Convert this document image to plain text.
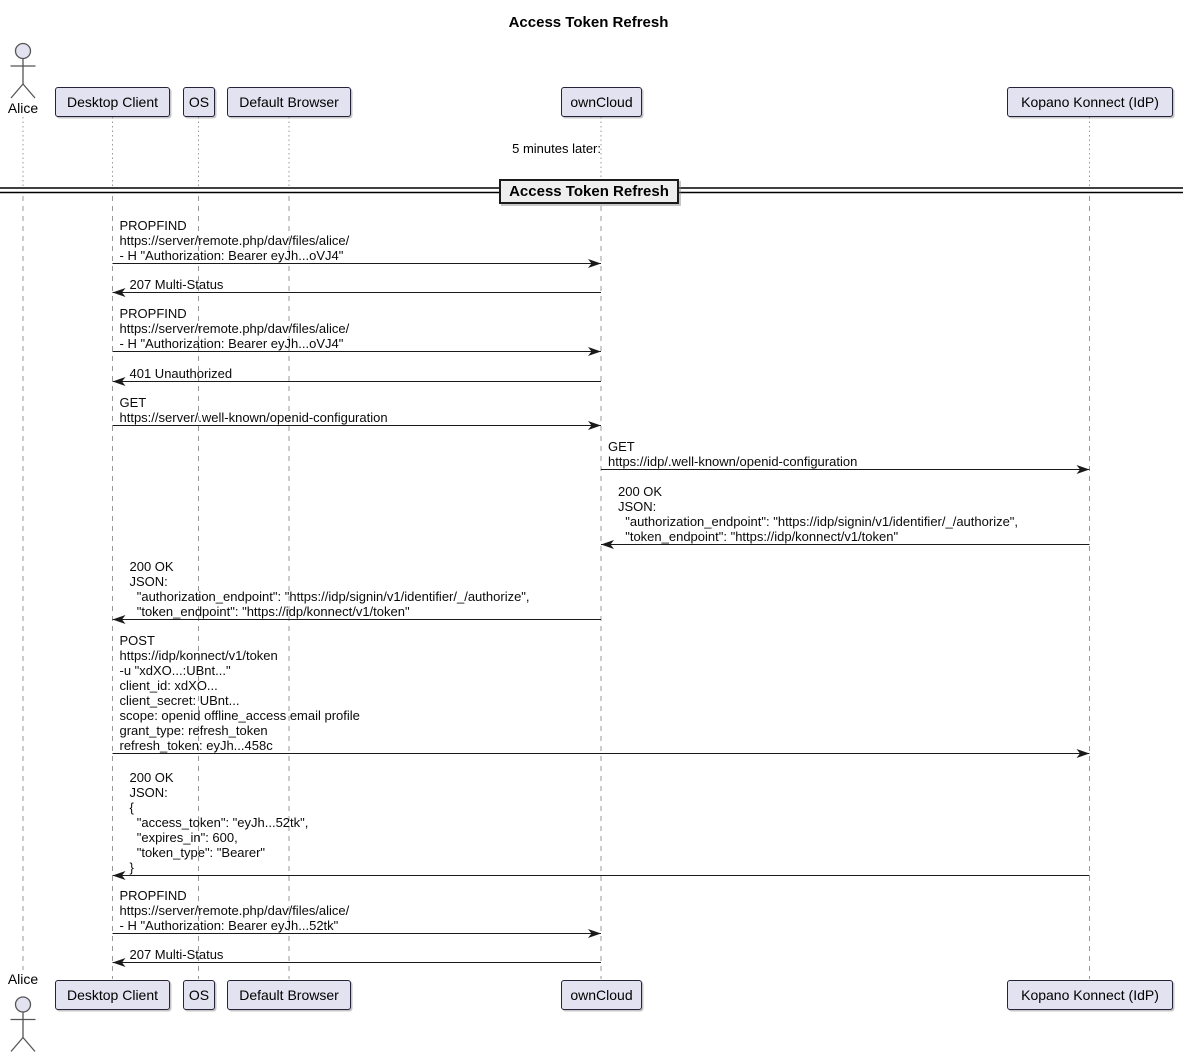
Access Token Refresh
5 minutes later:
Access Token Refresh
Alice
Alice
Desktop Client
Desktop Client
OS
OS
Default Browser
Default Browser
ownCloud
ownCloud
Kopano Konnect (IdP)
Kopano Konnect (IdP)
PROPFIND
https://server/remote.php/dav/files/alice/
- H "Authorization: Bearer eyJh...oVJ4"
207 Multi-Status
PROPFIND
https://server/remote.php/dav/files/alice/
- H "Authorization: Bearer eyJh...oVJ4"
401 Unauthorized
GET
https://server/.well-known/openid-configuration
GET
https://idp/.well-known/openid-configuration
200 OK
JSON:
"authorization_endpoint": "https://idp/signin/v1/identifier/_/authorize",
"token_endpoint": "https://idp/konnect/v1/token"
200 OK
JSON:
"authorization_endpoint": "https://idp/signin/v1/identifier/_/authorize",
"token_endpoint": "https://idp/konnect/v1/token"
POST
https://idp/konnect/v1/token
-u "xdXO...:UBnt..."
client_id: xdXO...
client_secret: UBnt...
scope: openid offline_access email profile
grant_type: refresh_token
refresh_token: eyJh...458c
200 OK
JSON:
{
"access_token": "eyJh...52tk",
"expires_in": 600,
"token_type": "Bearer"
}
PROPFIND
https://server/remote.php/dav/files/alice/
- H "Authorization: Bearer eyJh...52tk"
207 Multi-Status
